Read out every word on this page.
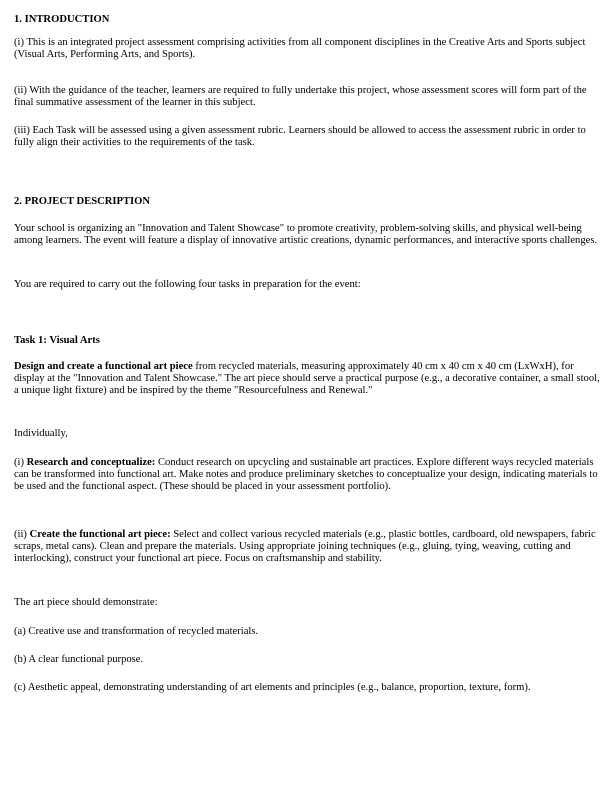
1. INTRODUCTION
(i) This is an integrated project assessment comprising activities from all component disciplines in the Creative Arts and Sports subject (Visual Arts, Performing Arts, and Sports).
(ii) With the guidance of the teacher, learners are required to fully undertake this project, whose assessment scores will form part of the final summative assessment of the learner in this subject.
(iii) Each Task will be assessed using a given assessment rubric. Learners should be allowed to access the assessment rubric in order to fully align their activities to the requirements of the task.
2. PROJECT DESCRIPTION
Your school is organizing an "Innovation and Talent Showcase" to promote creativity, problem-solving skills, and physical well-being among learners. The event will feature a display of innovative artistic creations, dynamic performances, and interactive sports challenges.
You are required to carry out the following four tasks in preparation for the event:
Task 1: Visual Arts
Design and create a functional art piece from recycled materials, measuring approximately 40 cm x 40 cm x 40 cm (LxWxH), for display at the "Innovation and Talent Showcase." The art piece should serve a practical purpose (e.g., a decorative container, a small stool, a unique light fixture) and be inspired by the theme "Resourcefulness and Renewal."
Individually,
(i) Research and conceptualize: Conduct research on upcycling and sustainable art practices. Explore different ways recycled materials can be transformed into functional art. Make notes and produce preliminary sketches to conceptualize your design, indicating materials to be used and the functional aspect. (These should be placed in your assessment portfolio).
(ii) Create the functional art piece: Select and collect various recycled materials (e.g., plastic bottles, cardboard, old newspapers, fabric scraps, metal cans). Clean and prepare the materials. Using appropriate joining techniques (e.g., gluing, tying, weaving, cutting and interlocking), construct your functional art piece. Focus on craftsmanship and stability.
The art piece should demonstrate:
(a) Creative use and transformation of recycled materials.
(b) A clear functional purpose.
(c) Aesthetic appeal, demonstrating understanding of art elements and principles (e.g., balance, proportion, texture, form).
